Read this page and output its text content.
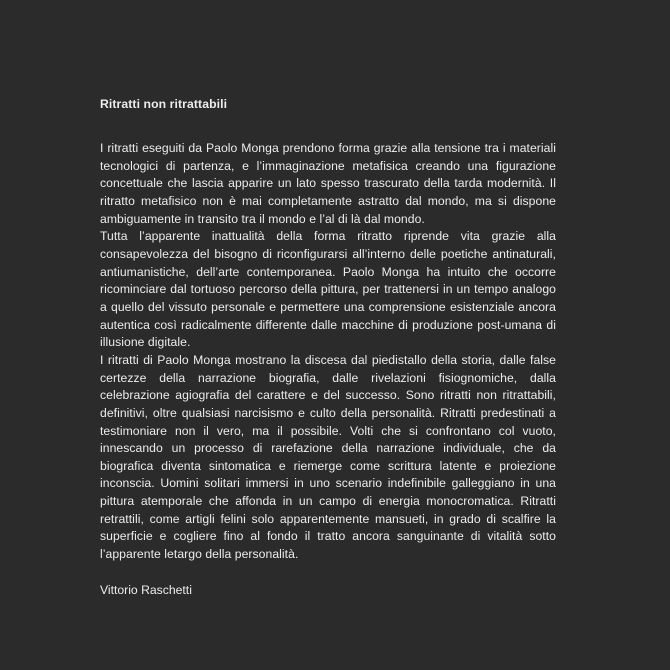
Ritratti non ritrattabili

I ritratti eseguiti da Paolo Monga prendono forma grazie alla tensione tra i materiali tecnologici di partenza, e l’immaginazione metafisica creando una figurazione concettuale che lascia apparire un lato spesso trascurato della tarda modernità. Il ritratto metafisico non è mai completamente astratto dal mondo, ma si dispone ambiguamente in transito tra il mondo e l’al di là dal mondo.

Tutta l’apparente inattualità della forma ritratto riprende vita grazie alla consapevolezza del bisogno di riconfigurarsi all’interno delle poetiche antinaturali, antiumanistiche, dell’arte contemporanea. Paolo Monga ha intuito che occorre ricominciare dal tortuoso percorso della pittura, per trattenersi in un tempo analogo a quello del vissuto personale e permettere una comprensione esistenziale ancora autentica così radicalmente differente dalle macchine di produzione post-umana di illusione digitale.

I ritratti di Paolo Monga mostrano la discesa dal piedistallo della storia, dalle false certezze della narrazione biografia, dalle rivelazioni fisiognomiche, dalla celebrazione agiografia del carattere e del successo. Sono ritratti non ritrattabili, definitivi, oltre qualsiasi narcisismo e culto della personalità. Ritratti predestinati a testimoniare non il vero, ma il possibile. Volti che si confrontano col vuoto, innescando un processo di rarefazione della narrazione individuale, che da biografica diventa sintomatica e riemerge come scrittura latente e proiezione inconscia. Uomini solitari immersi in uno scenario indefinibile galleggiano in una pittura atemporale che affonda in un campo di energia monocromatica. Ritratti retrattili, come artigli felini solo apparentemente mansueti, in grado di scalfire la superficie e cogliere fino al fondo il tratto ancora sanguinante di vitalità sotto l’apparente letargo della personalità.

Vittorio Raschetti
